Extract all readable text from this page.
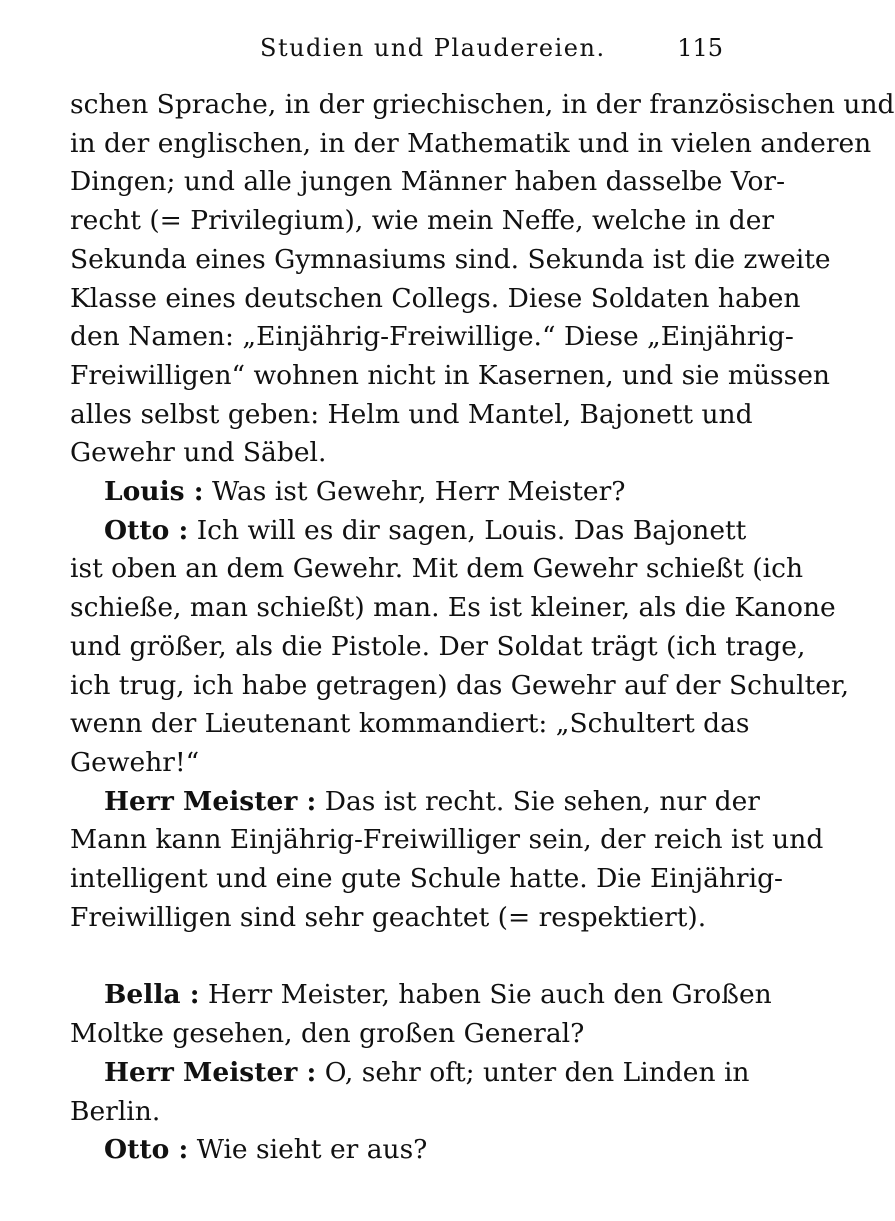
Studien und Plaudereien.	115
schen Sprache, in der griechischen, in der französischen und
in der englischen, in der Mathematik und in vielen anderen
Dingen; und alle jungen Männer haben dasselbe Vor-
recht (= Privilegium), wie mein Neffe, welche in der
Sekunda eines Gymnasiums sind. Sekunda ist die zweite
Klasse eines deutschen Collegs. Diese Soldaten haben
den Namen: „Einjährig-Freiwillige.“ Diese „Einjährig-
Freiwilligen“ wohnen nicht in Kasernen, und sie müssen
alles selbst geben: Helm und Mantel, Bajonett und
Gewehr und Säbel.
Louis : Was ist Gewehr, Herr Meister?
Otto : Ich will es dir sagen, Louis. Das Bajonett
ist oben an dem Gewehr. Mit dem Gewehr schießt (ich
schieße, man schießt) man. Es ist kleiner, als die Kanone
und größer, als die Pistole. Der Soldat trägt (ich trage,
ich trug, ich habe getragen) das Gewehr auf der Schulter,
wenn der Lieutenant kommandiert: „Schultert das
Gewehr!“
Herr Meister : Das ist recht. Sie sehen, nur der
Mann kann Einjährig-Freiwilliger sein, der reich ist und
intelligent und eine gute Schule hatte. Die Einjährig-
Freiwilligen sind sehr geachtet (= respektiert).
Bella : Herr Meister, haben Sie auch den Großen
Moltke gesehen, den großen General?
Herr Meister : O, sehr oft; unter den Linden in
Berlin.
Otto : Wie sieht er aus?
